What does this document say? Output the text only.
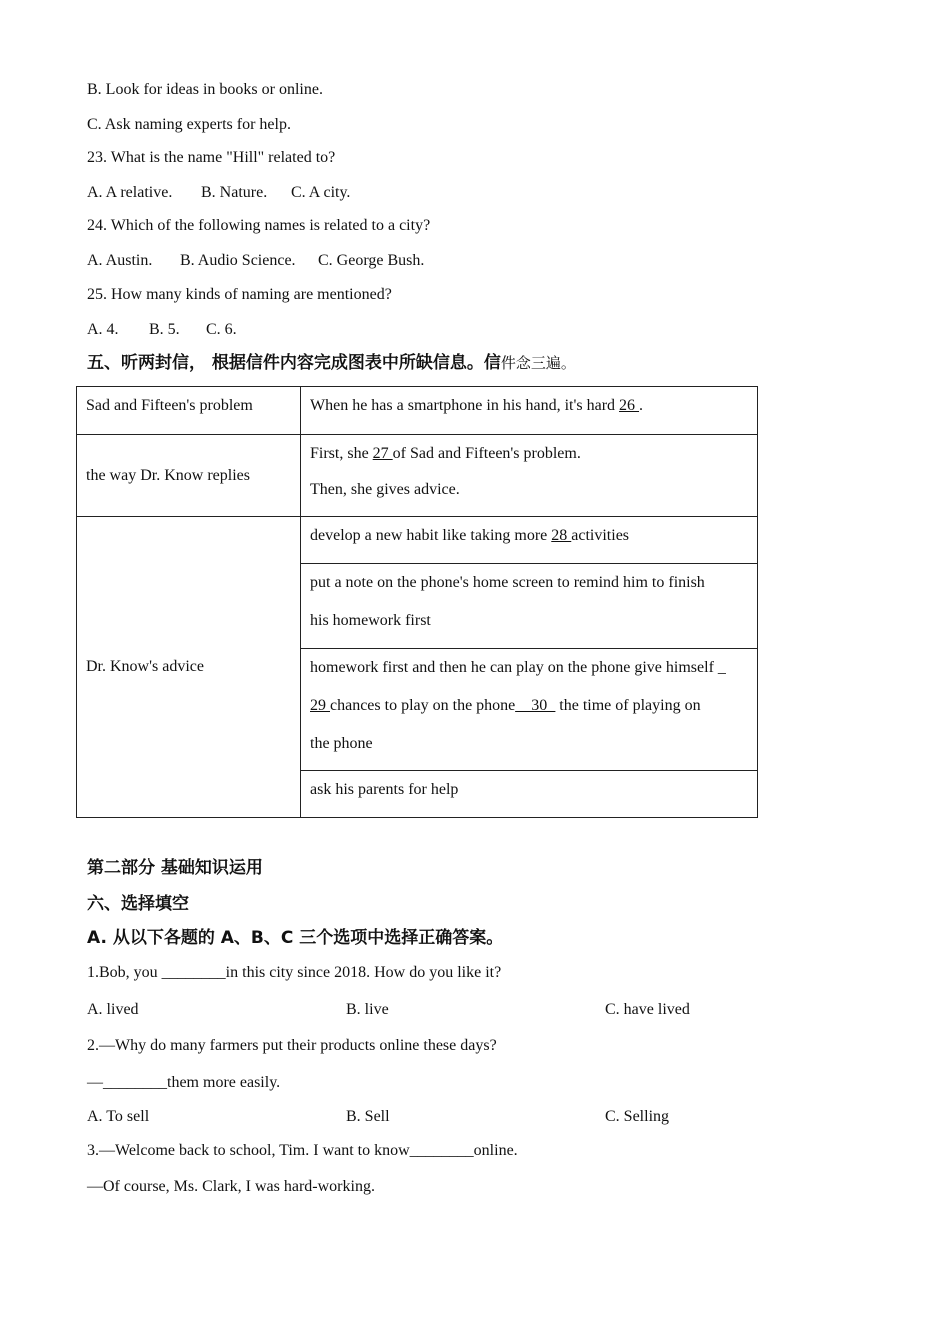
B. Look for ideas in books or online.
C. Ask naming experts for help.
23. What is the name "Hill" related to?
A. A relative. B. Nature. C. A city.
24. Which of the following names is related to a city?
A. Austin. B. Audio Science. C. George Bush.
25. How many kinds of naming are mentioned?
A. 4. B. 5. C. 6.
五、听两封信， 根据信件内容完成图表中所缺信息。信件念三遍。
Sad and Fifteen's problem	When he has a smartphone in his hand, it's hard 26 .
the way Dr. Know replies	First, she 27 of Sad and Fifteen's problem.
Then, she gives advice.

Dr. Know's advice	develop a new habit like taking more 28 activities

	put a note on the phone's home screen to remind him to finish
his homework first

	homework first and then he can play on the phone give himself _
29 chances to play on the phone__30_ the time of playing on
the phone

	ask his parents for help
第二部分 基础知识运用
六、选择填空
A. 从以下各题的 A、B、C 三个选项中选择正确答案。
1.Bob, you ________in this city since 2018. How do you like it?
A. lived	B. live	C. have lived
2.—Why do many farmers put their products online these days?
—________them more easily.
A. To sell	B. Sell	C. Selling
3.—Welcome back to school, Tim. I want to know________online.
—Of course, Ms. Clark, I was hard-working.
